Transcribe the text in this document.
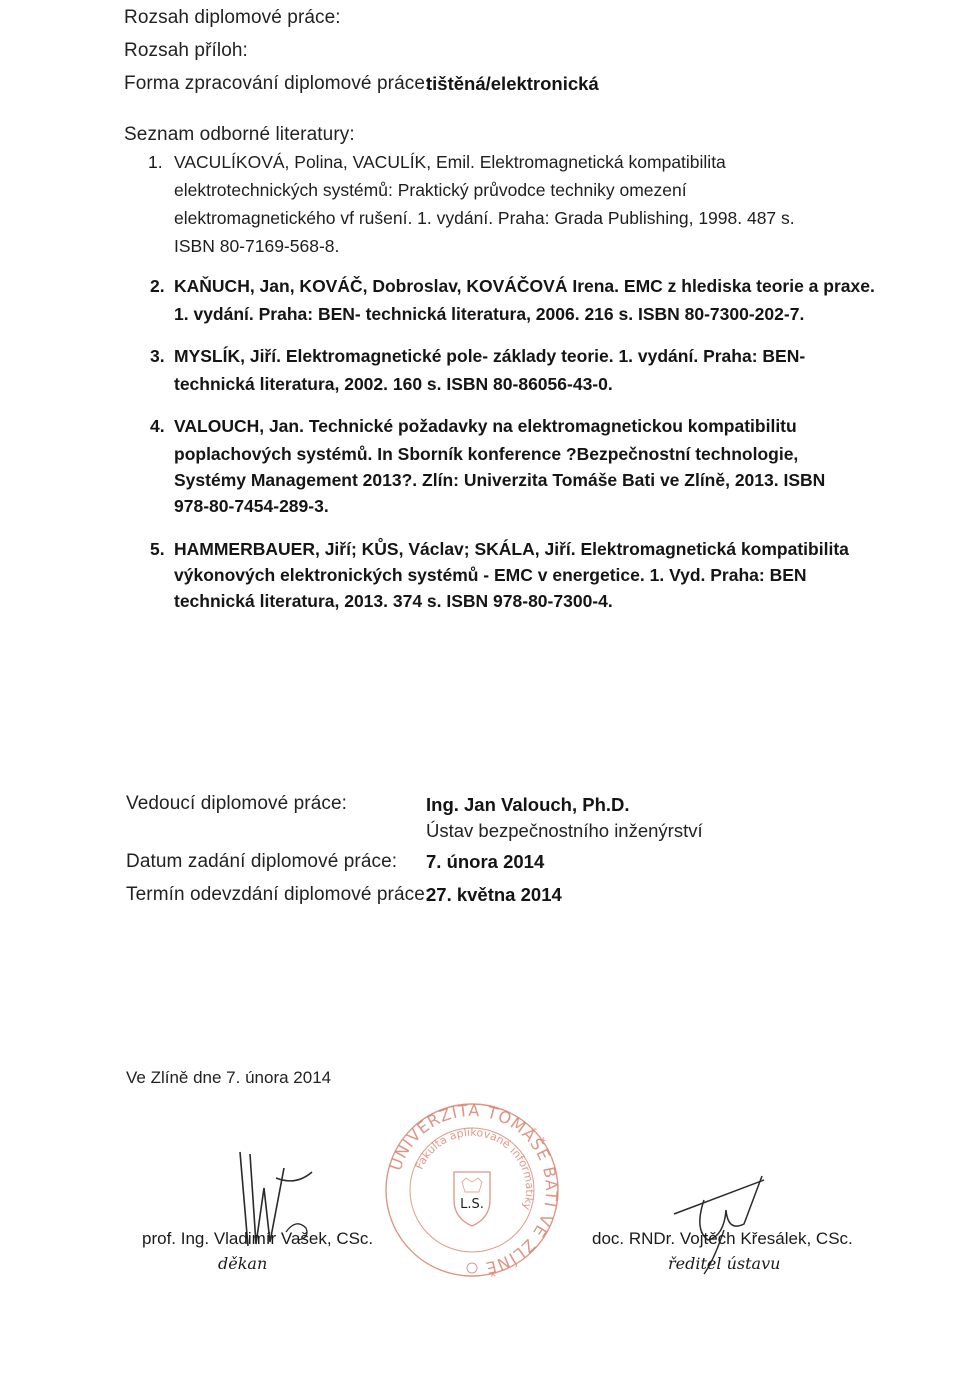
Rozsah diplomové práce:
Rozsah příloh:
Forma zpracování diplomové práce:
tištěná/elektronická
Seznam odborné literatury:
1. VACULÍKOVÁ, Polina, VACULÍK, Emil. Elektromagnetická kompatibilita
elektrotechnických systémů: Praktický průvodce techniky omezení
elektromagnetického vf rušení. 1. vydání. Praha: Grada Publishing, 1998. 487 s.
ISBN 80-7169-568-8.
2. KAŇUCH, Jan, KOVÁČ, Dobroslav, KOVÁČOVÁ Irena. EMC z hlediska teorie a praxe.
1. vydání. Praha: BEN- technická literatura, 2006. 216 s. ISBN 80-7300-202-7.
3. MYSLÍK, Jiří. Elektromagnetické pole- základy teorie. 1. vydání. Praha: BEN-
technická literatura, 2002. 160 s. ISBN 80-86056-43-0.
4. VALOUCH, Jan. Technické požadavky na elektromagnetickou kompatibilitu
poplachových systémů. In Sborník konference ?Bezpečnostní technologie,
Systémy Management 2013?. Zlín: Univerzita Tomáše Bati ve Zlíně, 2013. ISBN
978-80-7454-289-3.
5. HAMMERBAUER, Jiří; KŮS, Václav; SKÁLA, Jiří. Elektromagnetická kompatibilita
výkonových elektronických systémů - EMC v energetice. 1. Vyd. Praha: BEN
technická literatura, 2013. 374 s. ISBN 978-80-7300-4.
Vedoucí diplomové práce:	Ing. Jan Valouch, Ph.D.
Ústav bezpečnostního inženýrství
Datum zadání diplomové práce: 7. února 2014
Termín odevzdání diplomové práce:
27. května 2014
Ve Zlíně dne 7. února 2014
UNIVERZITA TOMÁŠE BATI VE ZLÍNĚ
Fakulta aplikované informatiky
L.S.
prof. Ing. Vladimír Vašek, CSc.
děkan
doc. RNDr. Vojtěch Křesálek, CSc.
ředitel ústavu
